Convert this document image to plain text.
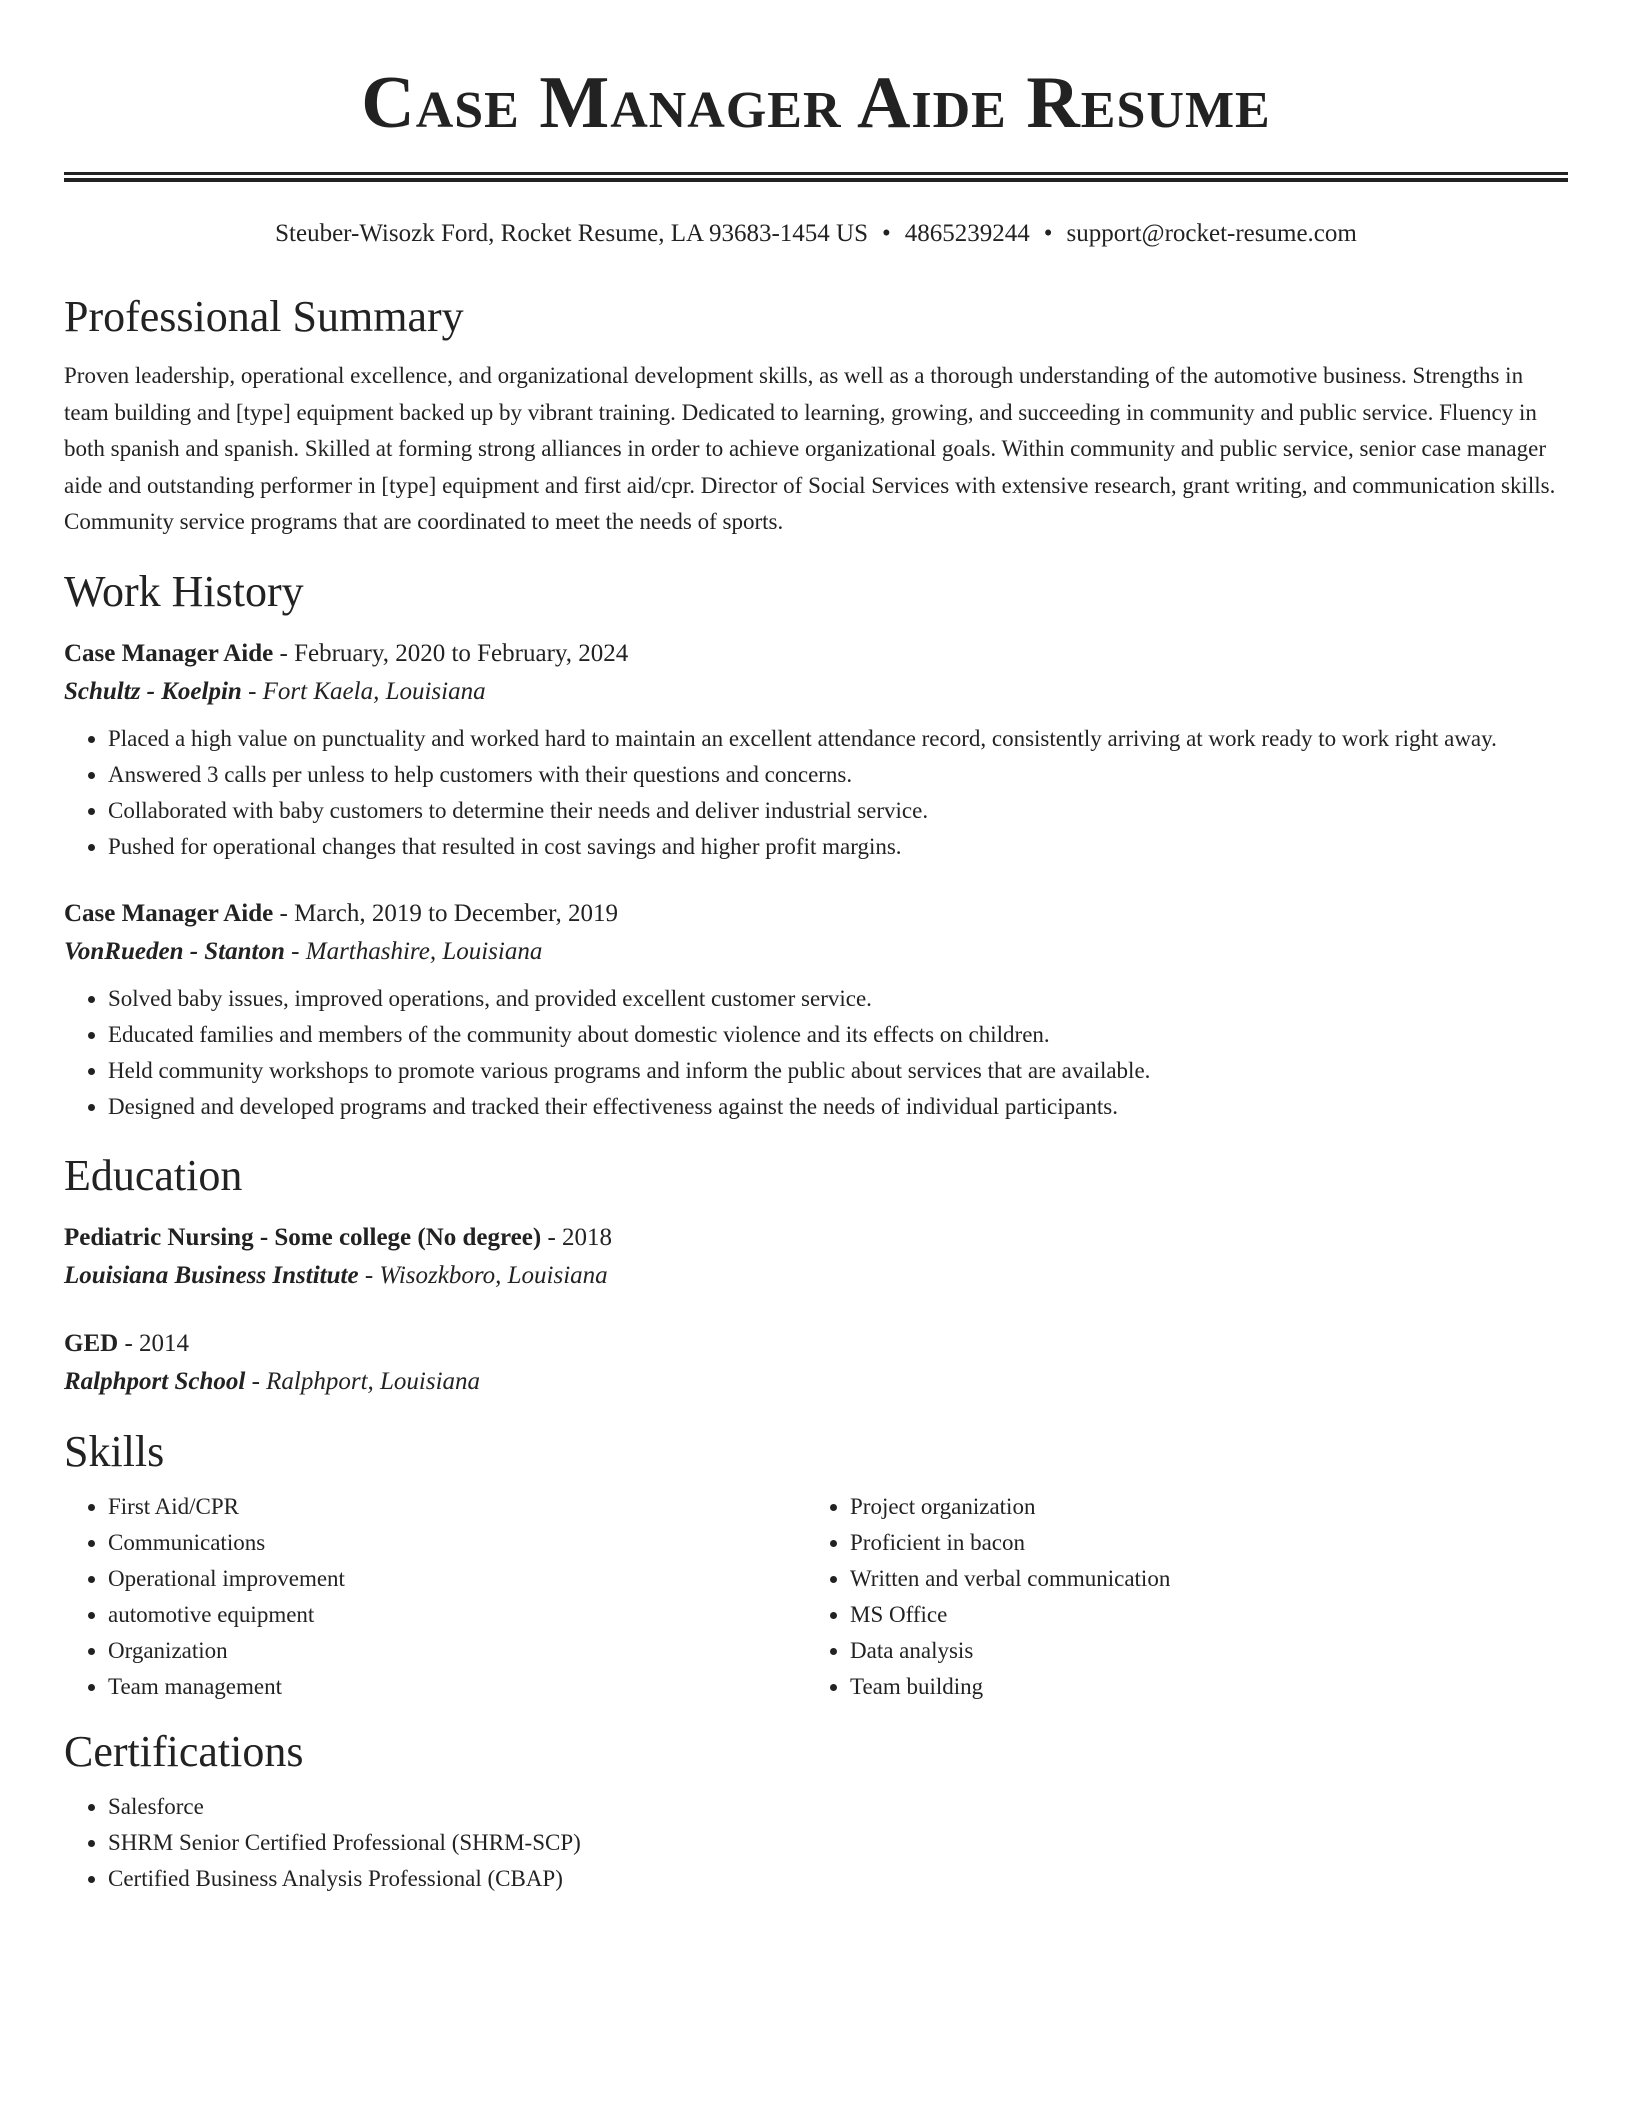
Case Manager Aide Resume
Steuber-Wisozk Ford, Rocket Resume, LA 93683-1454 US • 4865239244 • support@rocket-resume.com
Professional Summary
Proven leadership, operational excellence, and organizational development skills, as well as a thorough understanding of the automotive business. Strengths in team building and [type] equipment backed up by vibrant training. Dedicated to learning, growing, and succeeding in community and public service. Fluency in both spanish and spanish. Skilled at forming strong alliances in order to achieve organizational goals. Within community and public service, senior case manager aide and outstanding performer in [type] equipment and first aid/cpr. Director of Social Services with extensive research, grant writing, and communication skills. Community service programs that are coordinated to meet the needs of sports.
Work History
Case Manager Aide - February, 2020 to February, 2024
Schultz - Koelpin - Fort Kaela, Louisiana
• Placed a high value on punctuality and worked hard to maintain an excellent attendance record, consistently arriving at work ready to work right away.
• Answered 3 calls per unless to help customers with their questions and concerns.
• Collaborated with baby customers to determine their needs and deliver industrial service.
• Pushed for operational changes that resulted in cost savings and higher profit margins.
Case Manager Aide - March, 2019 to December, 2019
VonRueden - Stanton - Marthashire, Louisiana
• Solved baby issues, improved operations, and provided excellent customer service.
• Educated families and members of the community about domestic violence and its effects on children.
• Held community workshops to promote various programs and inform the public about services that are available.
• Designed and developed programs and tracked their effectiveness against the needs of individual participants.
Education
Pediatric Nursing - Some college (No degree) - 2018
Louisiana Business Institute - Wisozkboro, Louisiana
GED - 2014
Ralphport School - Ralphport, Louisiana
Skills
• First Aid/CPR
• Communications
• Operational improvement
• automotive equipment
• Organization
• Team management
• Project organization
• Proficient in bacon
• Written and verbal communication
• MS Office
• Data analysis
• Team building
Certifications
• Salesforce
• SHRM Senior Certified Professional (SHRM-SCP)
• Certified Business Analysis Professional (CBAP)
